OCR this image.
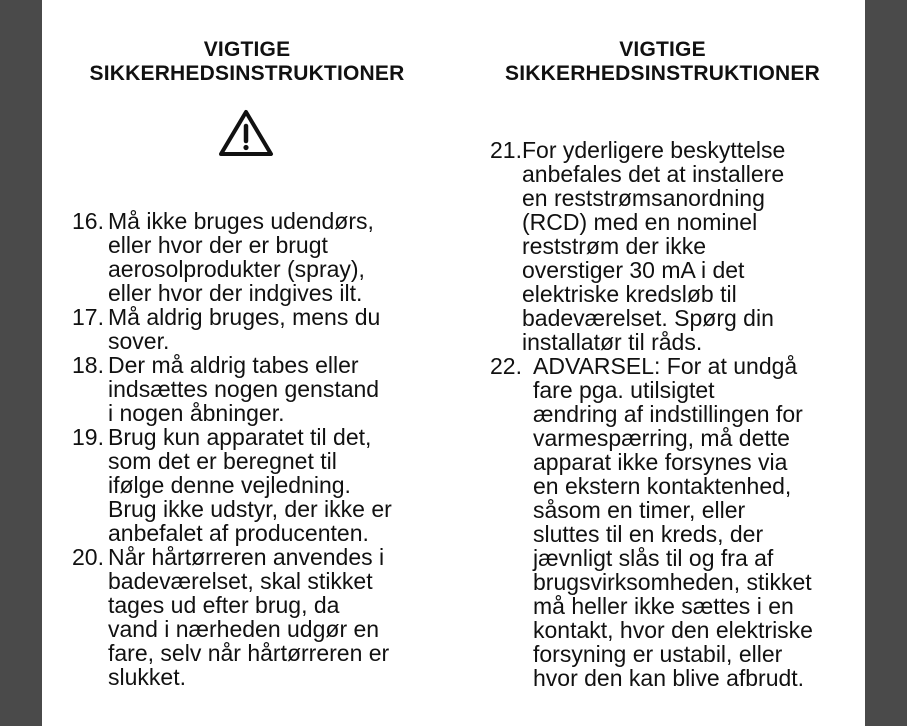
VIGTIGE
SIKKERHEDSINSTRUKTIONER
16. Må ikke bruges udendørs,
eller hvor der er brugt
aerosolprodukter (spray),
eller hvor der indgives ilt.
17. Må aldrig bruges, mens du
sover.
18. Der må aldrig tabes eller
indsættes nogen genstand
i nogen åbninger.
19. Brug kun apparatet til det,
som det er beregnet til
ifølge denne vejledning.
Brug ikke udstyr, der ikke er
anbefalet af producenten.
20. Når hårtørreren anvendes i
badeværelset, skal stikket
tages ud efter brug, da
vand i nærheden udgør en
fare, selv når hårtørreren er
slukket.
VIGTIGE
SIKKERHEDSINSTRUKTIONER
21. For yderligere beskyttelse
anbefales det at installere
en reststrømsanordning
(RCD) med en nominel
reststrøm der ikke
overstiger 30 mA i det
elektriske kredsløb til
badeværelset. Spørg din
installatør til råds.
22. ADVARSEL: For at undgå
fare pga. utilsigtet
ændring af indstillingen for
varmespærring, må dette
apparat ikke forsynes via
en ekstern kontaktenhed,
såsom en timer, eller
sluttes til en kreds, der
jævnligt slås til og fra af
brugsvirksomheden, stikket
må heller ikke sættes i en
kontakt, hvor den elektriske
forsyning er ustabil, eller
hvor den kan blive afbrudt.
